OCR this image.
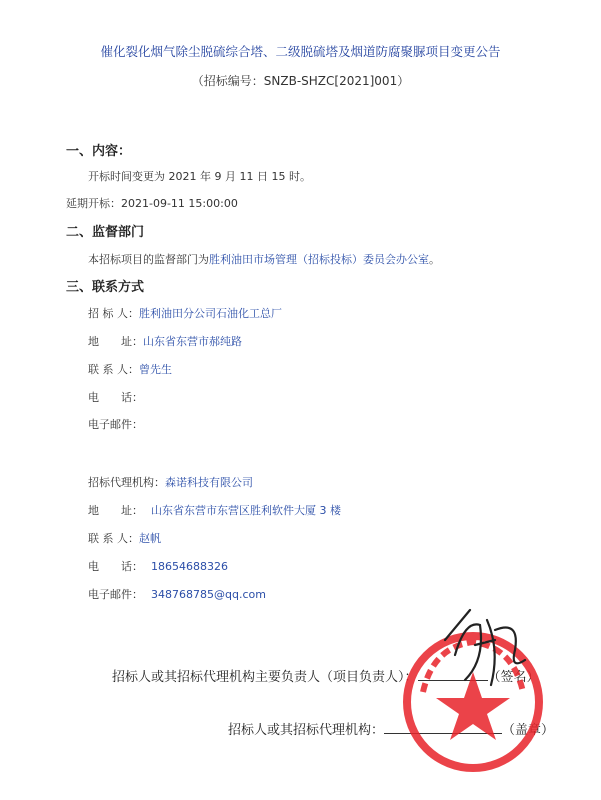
催化裂化烟气除尘脱硫综合塔、二级脱硫塔及烟道防腐聚脲项目变更公告
（招标编号：SNZB-SHZC[2021]001）
一、内容：
开标时间变更为 2021 年 9 月 11 日 15 时。
延期开标：2021-09-11 15:00:00
二、监督部门
本招标项目的监督部门为胜利油田市场管理（招标投标）委员会办公室。
三、联系方式
招 标 人：胜利油田分公司石油化工总厂
地　　址：山东省东营市郝纯路
联 系 人：曾先生
电　　话：
电子邮件：
招标代理机构：森诺科技有限公司
地　　址： 山东省东营市东营区胜利软件大厦 3 楼
联 系 人：赵帆
电　　话： 18654688326
电子邮件： 348768785@qq.com
招标人或其招标代理机构主要负责人（项目负责人）：	（签名）
招标人或其招标代理机构：	（盖章）
